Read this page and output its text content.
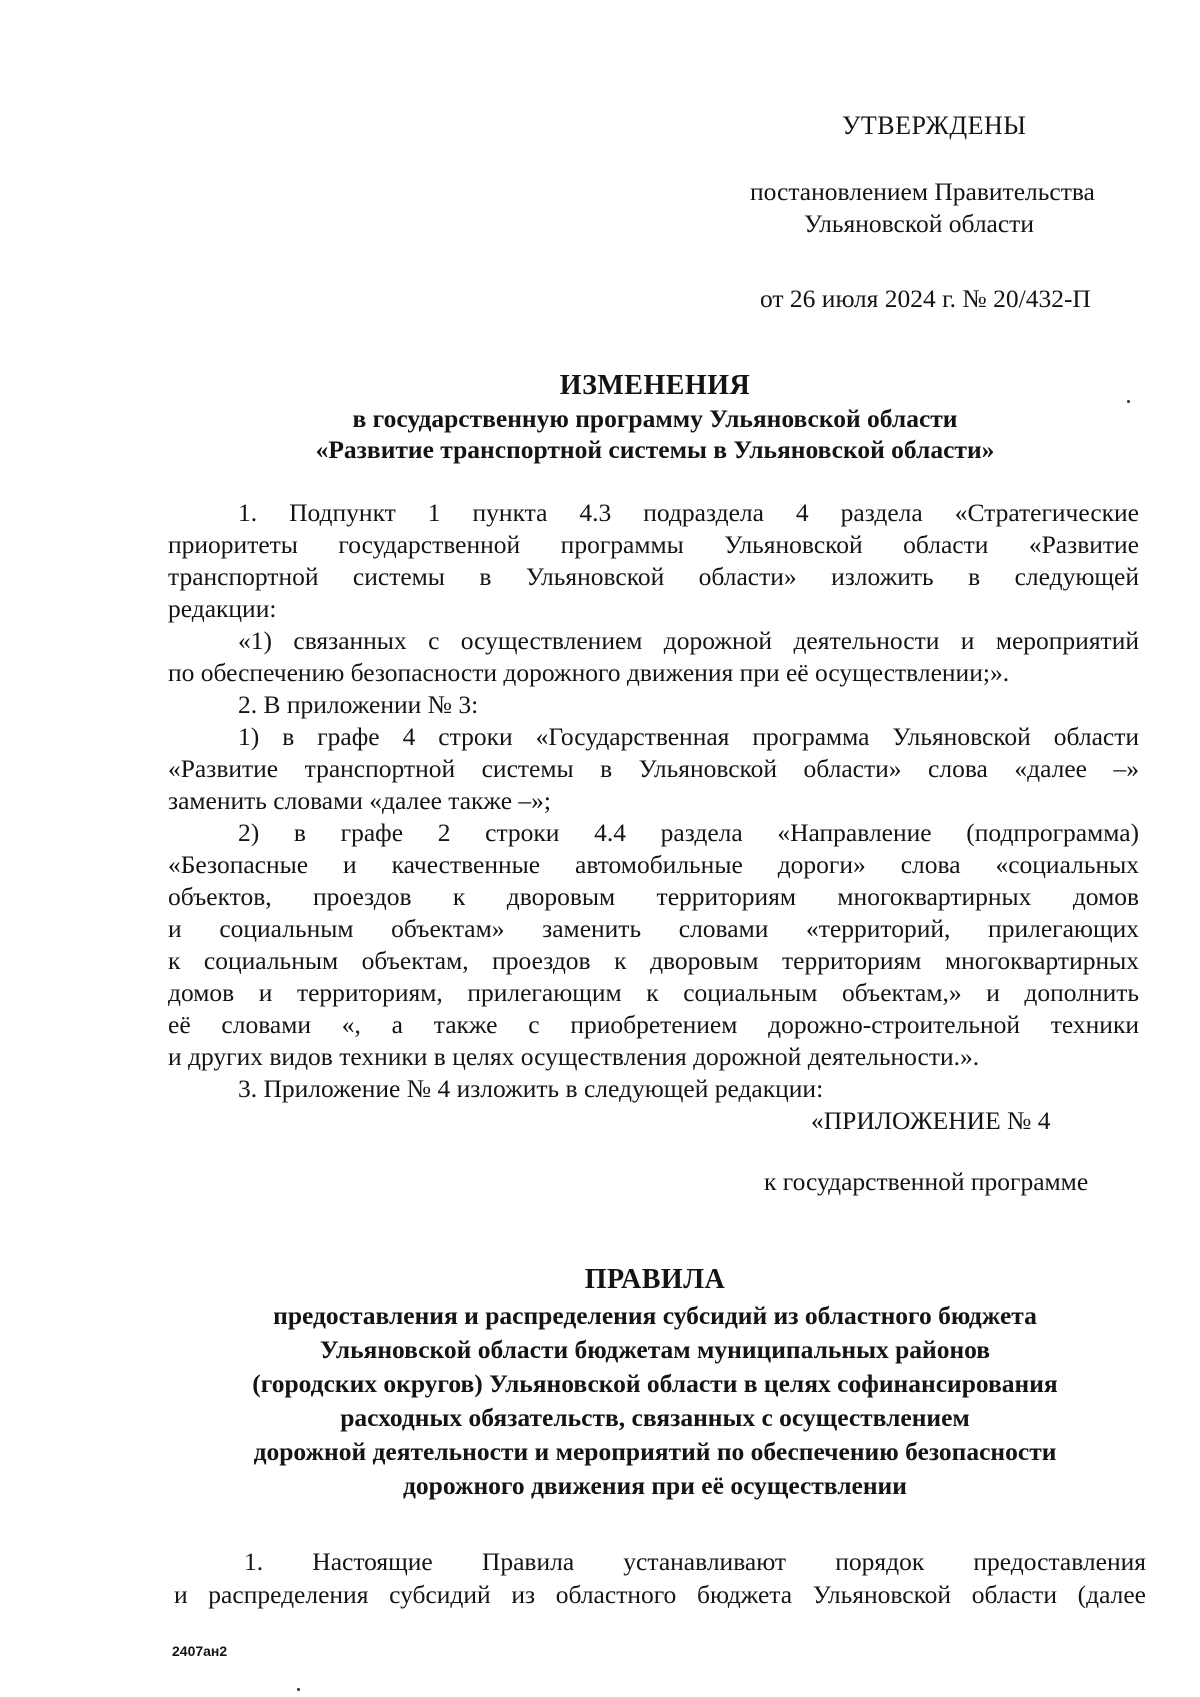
УТВЕРЖДЕНЫ
постановлением Правительства
Ульяновской области
от 26 июля 2024 г. № 20/432-П
ИЗМЕНЕНИЯ
в государственную программу Ульяновской области
«Развитие транспортной системы в Ульяновской области»
1. Подпункт 1 пункта 4.3 подраздела 4 раздела «Стратегические
приоритеты государственной программы Ульяновской области «Развитие
транспортной системы в Ульяновской области» изложить в следующей
редакции:
«1) связанных с осуществлением дорожной деятельности и мероприятий
по обеспечению безопасности дорожного движения при её осуществлении;».
2. В приложении № 3:
1) в графе 4 строки «Государственная программа Ульяновской области
«Развитие транспортной системы в Ульяновской области» слова «далее –»
заменить словами «далее также –»;
2) в графе 2 строки 4.4 раздела «Направление (подпрограмма)
«Безопасные и качественные автомобильные дороги» слова «социальных
объектов, проездов к дворовым территориям многоквартирных домов
и социальным объектам» заменить словами «территорий, прилегающих
к социальным объектам, проездов к дворовым территориям многоквартирных
домов и территориям, прилегающим к социальным объектам,» и дополнить
её словами «, а также с приобретением дорожно-строительной техники
и других видов техники в целях осуществления дорожной деятельности.».
3. Приложение № 4 изложить в следующей редакции:
«ПРИЛОЖЕНИЕ № 4
к государственной программе
ПРАВИЛА
предоставления и распределения субсидий из областного бюджета
Ульяновской области бюджетам муниципальных районов
(городских округов) Ульяновской области в целях софинансирования
расходных обязательств, связанных с осуществлением
дорожной деятельности и мероприятий по обеспечению безопасности
дорожного движения при её осуществлении
1. Настоящие Правила устанавливают порядок предоставления
и распределения субсидий из областного бюджета Ульяновской области (далее
2407ан2
